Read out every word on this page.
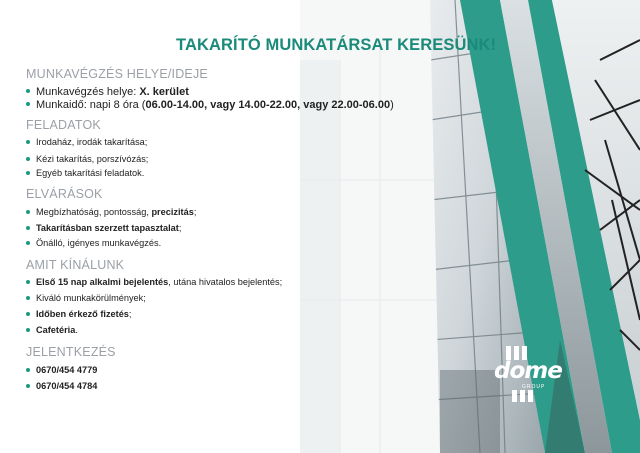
dome
GROUP
TAKARÍTÓ MUNKATÁRSAT KERESÜNK!
MUNKAVÉGZÉS HELYE/IDEJE
Munkavégzés helye: X. kerület
Munkaidő: napi 8 óra (06.00-14.00, vagy 14.00-22.00, vagy 22.00-06.00)
FELADATOK
Irodaház, irodák takarítása;
Kézi takarítás, porszívózás;
Egyéb takarítási feladatok.
ELVÁRÁSOK
Megbízhatóság, pontosság, precizitás;
Takarításban szerzett tapasztalat;
Önálló, igényes munkavégzés.
AMIT KÍNÁLUNK
Első 15 nap alkalmi bejelentés, utána hivatalos bejelentés;
Kiváló munkakörülmények;
Időben érkező fizetés;
Cafetéria.
JELENTKEZÉS
0670/454 4779
0670/454 4784
